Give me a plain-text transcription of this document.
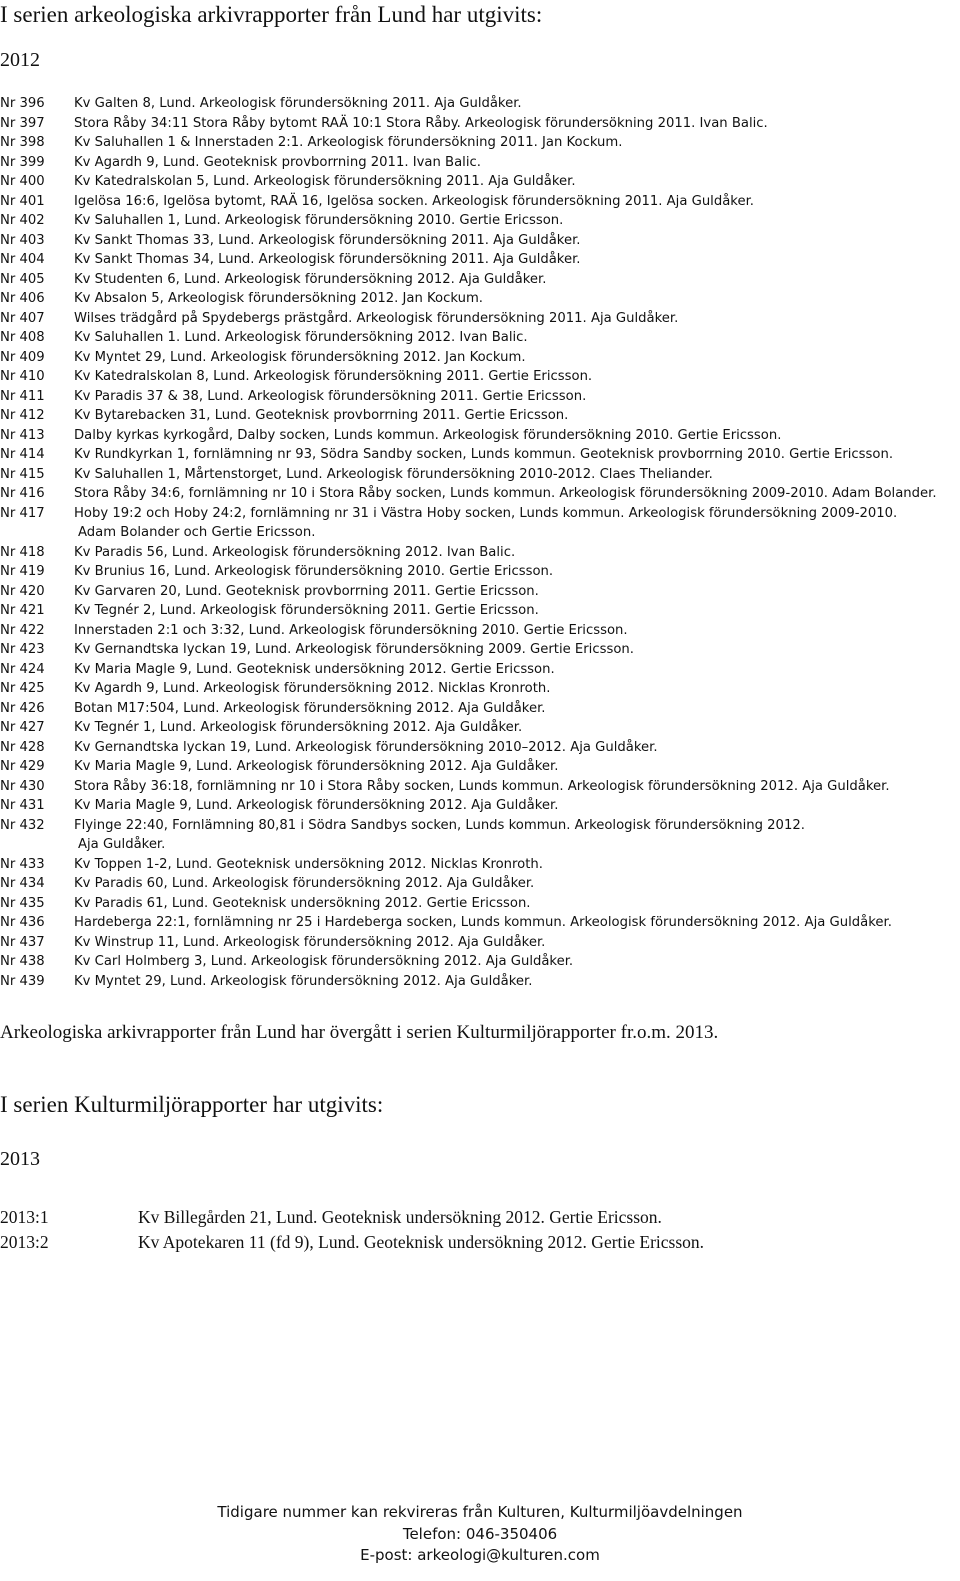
I serien arkeologiska arkivrapporter från Lund har utgivits:
2012
Nr 396	Kv Galten 8, Lund. Arkeologisk förundersökning 2011. Aja Guldåker.
Nr 397	Stora Råby 34:11 Stora Råby bytomt RAÄ 10:1 Stora Råby. Arkeologisk förundersökning 2011. Ivan Balic.
Nr 398	Kv Saluhallen 1 & Innerstaden 2:1. Arkeologisk förundersökning 2011. Jan Kockum.
Nr 399	Kv Agardh 9, Lund. Geoteknisk provborrning 2011. Ivan Balic.
Nr 400	Kv Katedralskolan 5, Lund. Arkeologisk förundersökning 2011. Aja Guldåker.
Nr 401	Igelösa 16:6, Igelösa bytomt, RAÄ 16, Igelösa socken. Arkeologisk förundersökning 2011. Aja Guldåker.
Nr 402	Kv Saluhallen 1, Lund. Arkeologisk förundersökning 2010. Gertie Ericsson.
Nr 403	Kv Sankt Thomas 33, Lund. Arkeologisk förundersökning 2011. Aja Guldåker.
Nr 404	Kv Sankt Thomas 34, Lund. Arkeologisk förundersökning 2011. Aja Guldåker.
Nr 405	Kv Studenten 6, Lund. Arkeologisk förundersökning 2012. Aja Guldåker.
Nr 406	Kv Absalon 5, Arkeologisk förundersökning 2012. Jan Kockum.
Nr 407	Wilses trädgård på Spydebergs prästgård. Arkeologisk förundersökning 2011. Aja Guldåker.
Nr 408	Kv Saluhallen 1. Lund. Arkeologisk förundersökning 2012. Ivan Balic.
Nr 409	Kv Myntet 29, Lund. Arkeologisk förundersökning 2012. Jan Kockum.
Nr 410	Kv Katedralskolan 8, Lund. Arkeologisk förundersökning 2011. Gertie Ericsson.
Nr 411	Kv Paradis 37 & 38, Lund. Arkeologisk förundersökning 2011. Gertie Ericsson.
Nr 412	Kv Bytarebacken 31, Lund. Geoteknisk provborrning 2011. Gertie Ericsson.
Nr 413	Dalby kyrkas kyrkogård, Dalby socken, Lunds kommun. Arkeologisk förundersökning 2010. Gertie Ericsson.
Nr 414	Kv Rundkyrkan 1, fornlämning nr 93, Södra Sandby socken, Lunds kommun. Geoteknisk provborrning 2010. Gertie Ericsson.
Nr 415	Kv Saluhallen 1, Mårtenstorget, Lund. Arkeologisk förundersökning 2010-2012. Claes Theliander.
Nr 416	Stora Råby 34:6, fornlämning nr 10 i Stora Råby socken, Lunds kommun. Arkeologisk förundersökning 2009-2010. Adam Bolander.
Nr 417	Hoby 19:2 och Hoby 24:2, fornlämning nr 31 i Västra Hoby socken, Lunds kommun. Arkeologisk förundersökning 2009-2010.
Adam Bolander och Gertie Ericsson.
Nr 418	Kv Paradis 56, Lund. Arkeologisk förundersökning 2012. Ivan Balic.
Nr 419	Kv Brunius 16, Lund. Arkeologisk förundersökning 2010. Gertie Ericsson.
Nr 420	Kv Garvaren 20, Lund. Geoteknisk provborrning 2011. Gertie Ericsson.
Nr 421	Kv Tegnér 2, Lund. Arkeologisk förundersökning 2011. Gertie Ericsson.
Nr 422	Innerstaden 2:1 och 3:32, Lund. Arkeologisk förundersökning 2010. Gertie Ericsson.
Nr 423	Kv Gernandtska lyckan 19, Lund. Arkeologisk förundersökning 2009. Gertie Ericsson.
Nr 424	Kv Maria Magle 9, Lund. Geoteknisk undersökning 2012. Gertie Ericsson.
Nr 425	Kv Agardh 9, Lund. Arkeologisk förundersökning 2012. Nicklas Kronroth.
Nr 426	Botan M17:504, Lund. Arkeologisk förundersökning 2012. Aja Guldåker.
Nr 427	Kv Tegnér 1, Lund. Arkeologisk förundersökning 2012. Aja Guldåker.
Nr 428	Kv Gernandtska lyckan 19, Lund. Arkeologisk förundersökning 2010–2012. Aja Guldåker.
Nr 429	Kv Maria Magle 9, Lund. Arkeologisk förundersökning 2012. Aja Guldåker.
Nr 430	Stora Råby 36:18, fornlämning nr 10 i Stora Råby socken, Lunds kommun. Arkeologisk förundersökning 2012. Aja Guldåker.
Nr 431	Kv Maria Magle 9, Lund. Arkeologisk förundersökning 2012. Aja Guldåker.
Nr 432	Flyinge 22:40, Fornlämning 80,81 i Södra Sandbys socken, Lunds kommun. Arkeologisk förundersökning 2012.
Aja Guldåker.
Nr 433	Kv Toppen 1-2, Lund. Geoteknisk undersökning 2012. Nicklas Kronroth.
Nr 434	Kv Paradis 60, Lund. Arkeologisk förundersökning 2012. Aja Guldåker.
Nr 435	Kv Paradis 61, Lund. Geoteknisk undersökning 2012. Gertie Ericsson.
Nr 436	Hardeberga 22:1, fornlämning nr 25 i Hardeberga socken, Lunds kommun. Arkeologisk förundersökning 2012. Aja Guldåker.
Nr 437	Kv Winstrup 11, Lund. Arkeologisk förundersökning 2012. Aja Guldåker.
Nr 438	Kv Carl Holmberg 3, Lund. Arkeologisk förundersökning 2012. Aja Guldåker.
Nr 439	Kv Myntet 29, Lund. Arkeologisk förundersökning 2012. Aja Guldåker.
Arkeologiska arkivrapporter från Lund har övergått i serien Kulturmiljörapporter fr.o.m. 2013.
I serien Kulturmiljörapporter har utgivits:
2013
2013:1	Kv Billegården 21, Lund. Geoteknisk undersökning 2012. Gertie Ericsson.
2013:2	Kv Apotekaren 11 (fd 9), Lund. Geoteknisk undersökning 2012. Gertie Ericsson.
Tidigare nummer kan rekvireras från Kulturen, Kulturmiljöavdelningen
Telefon: 046-350406
E-post: arkeologi@kulturen.com
